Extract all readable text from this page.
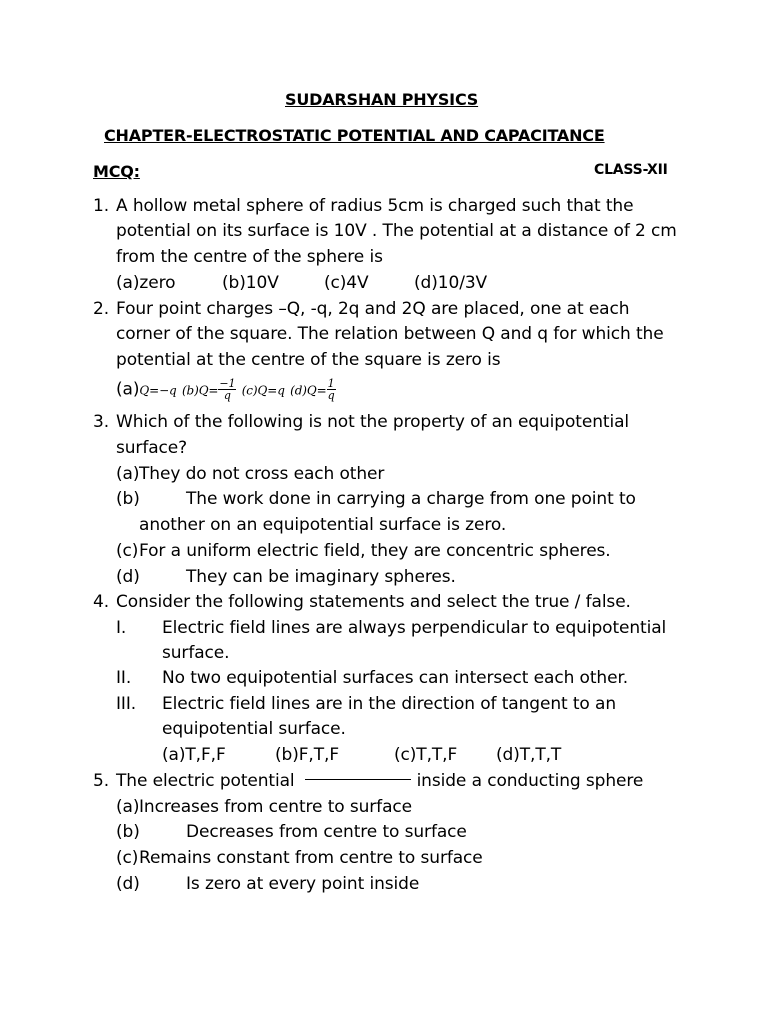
SUDARSHAN PHYSICS
CHAPTER-ELECTROSTATIC POTENTIAL AND CAPACITANCE
MCQ:	CLASS-XII
1. A hollow metal sphere of radius 5cm is charged such that the
potential on its surface is 10V . The potential at a distance of 2 cm
from the centre of the sphere is
(a)zero	(b)10V	(c)4V	(d)10/3V
2. Four point charges –Q, -q, 2q and 2Q are placed, one at each
corner of the square. The relation between Q and q for which the
potential at the centre of the square is zero is
(a)Q=−q $(b)Q= \frac{-1}{q} (c)Q=q$ $(d)Q= \frac{1}{q}$
3. Which of the following is not the property of an equipotential
surface?
(a) They do not cross each other
(b)	The work done in carrying a charge from one point to
another on an equipotential surface is zero.
(c) For a uniform electric field, they are concentric spheres.
(d)	They can be imaginary spheres.
4. Consider the following statements and select the true / false.
I. Electric field lines are always perpendicular to equipotential
surface.
II. No two equipotential surfaces can intersect each other.
III. Electric field lines are in the direction of tangent to an
equipotential surface.
(a)T,F,F	(b)F,T,F	(c)T,T,F (d)T,T,T
5. The electric potential	inside a conducting sphere
(a) Increases from centre to surface
(b)	Decreases from centre to surface
(c) Remains constant from centre to surface
(d)	Is zero at every point inside
